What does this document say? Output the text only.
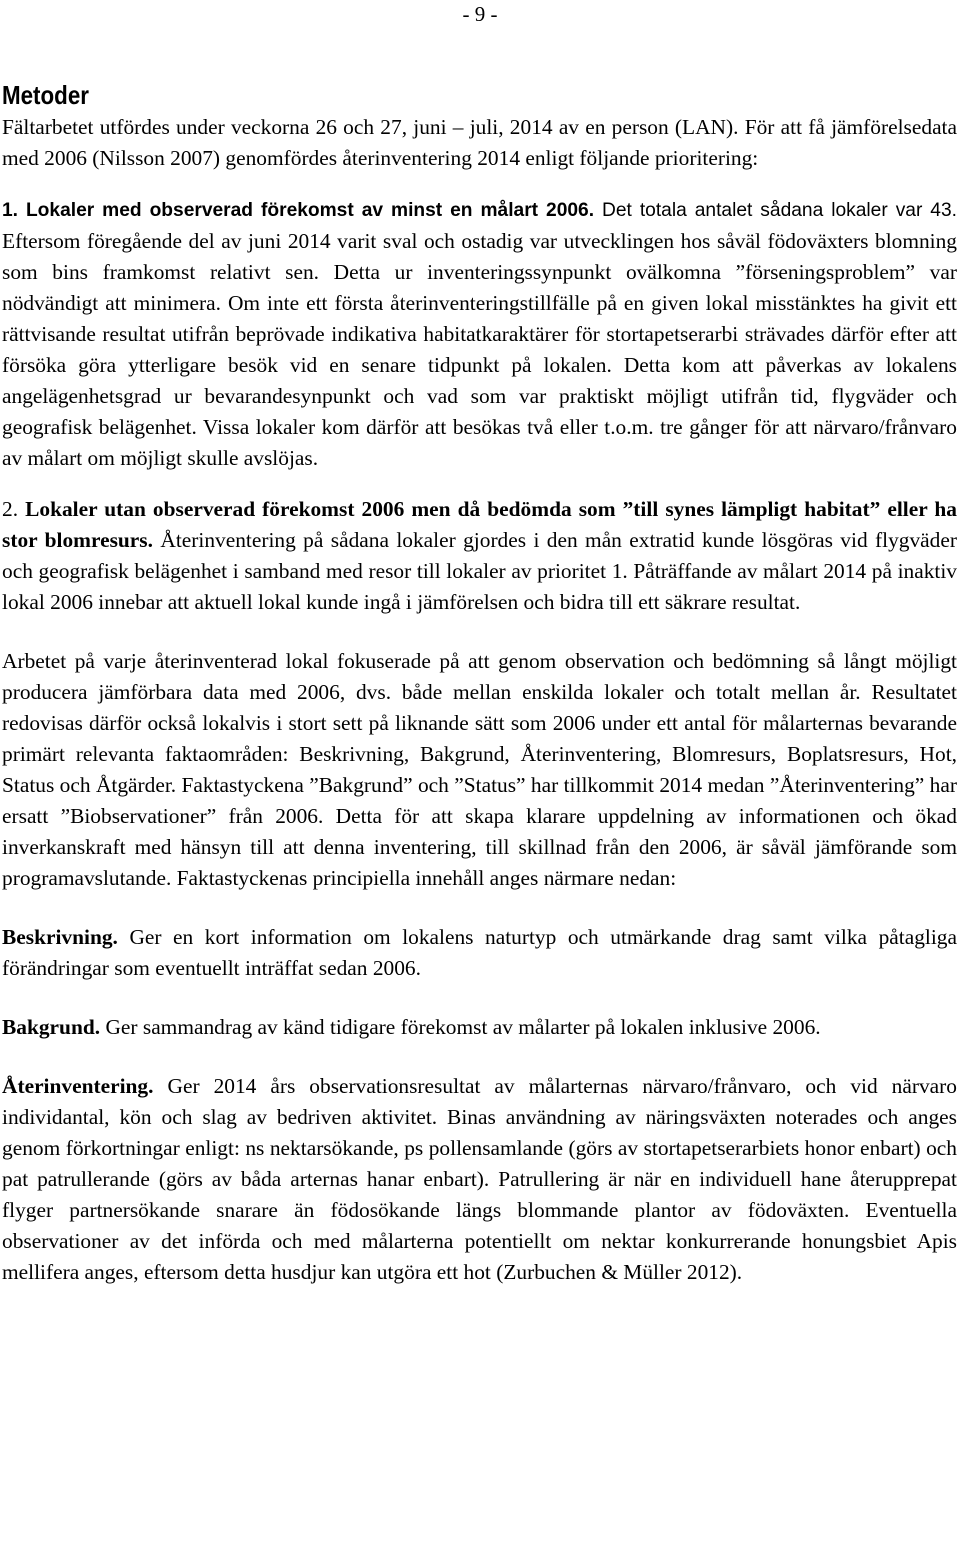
- 9 -
Metoder

Fältarbetet utfördes under veckorna 26 och 27, juni – juli, 2014 av en person (LAN). För att få jämförelsedata med 2006 (Nilsson 2007) genomfördes återinventering 2014 enligt följande prioritering:

1. Lokaler med observerad förekomst av minst en målart 2006. Det totala antalet sådana lokaler var 43. Eftersom föregående del av juni 2014 varit sval och ostadig var utvecklingen hos såväl födoväxters blomning som bins framkomst relativt sen. Detta ur inventeringssynpunkt ovälkomna ”förseningsproblem” var nödvändigt att minimera. Om inte ett första återinventeringstillfälle på en given lokal misstänktes ha givit ett rättvisande resultat utifrån beprövade indikativa habitatkaraktärer för stortapetserarbi strävades därför efter att försöka göra ytterligare besök vid en senare tidpunkt på lokalen. Detta kom att påverkas av lokalens angelägenhetsgrad ur bevarandesynpunkt och vad som var praktiskt möjligt utifrån tid, flygväder och geografisk belägenhet. Vissa lokaler kom därför att besökas två eller t.o.m. tre gånger för att närvaro/frånvaro av målart om möjligt skulle avslöjas.

2. Lokaler utan observerad förekomst 2006 men då bedömda som ”till synes lämpligt habitat” eller ha stor blomresurs. Återinventering på sådana lokaler gjordes i den mån extratid kunde lösgöras vid flygväder och geografisk belägenhet i samband med resor till lokaler av prioritet 1. Påträffande av målart 2014 på inaktiv lokal 2006 innebar att aktuell lokal kunde ingå i jämförelsen och bidra till ett säkrare resultat.

Arbetet på varje återinventerad lokal fokuserade på att genom observation och bedömning så långt möjligt producera jämförbara data med 2006, dvs. både mellan enskilda lokaler och totalt mellan år. Resultatet redovisas därför också lokalvis i stort sett på liknande sätt som 2006 under ett antal för målarternas bevarande primärt relevanta faktaområden: Beskrivning, Bakgrund, Återinventering, Blomresurs, Boplatsresurs, Hot, Status och Åtgärder. Faktastyckena ”Bakgrund” och ”Status” har tillkommit 2014 medan ”Återinventering” har ersatt ”Biobservationer” från 2006. Detta för att skapa klarare uppdelning av informationen och ökad inverkanskraft med hänsyn till att denna inventering, till skillnad från den 2006, är såväl jämförande som programavslutande. Faktastyckenas principiella innehåll anges närmare nedan:

Beskrivning. Ger en kort information om lokalens naturtyp och utmärkande drag samt vilka påtagliga förändringar som eventuellt inträffat sedan 2006.

Bakgrund. Ger sammandrag av känd tidigare förekomst av målarter på lokalen inklusive 2006.

Återinventering. Ger 2014 års observationsresultat av målarternas närvaro/frånvaro, och vid närvaro individantal, kön och slag av bedriven aktivitet. Binas användning av näringsväxten noterades och anges genom förkortningar enligt: ns nektarsökande, ps pollensamlande (görs av stortapetserarbiets honor enbart) och pat patrullerande (görs av båda arternas hanar enbart). Patrullering är när en individuell hane återupprepat flyger partnersökande snarare än födosökande längs blommande plantor av födoväxten. Eventuella observationer av det införda och med målarterna potentiellt om nektar konkurrerande honungsbiet Apis mellifera anges, eftersom detta husdjur kan utgöra ett hot (Zurbuchen & Müller 2012).
